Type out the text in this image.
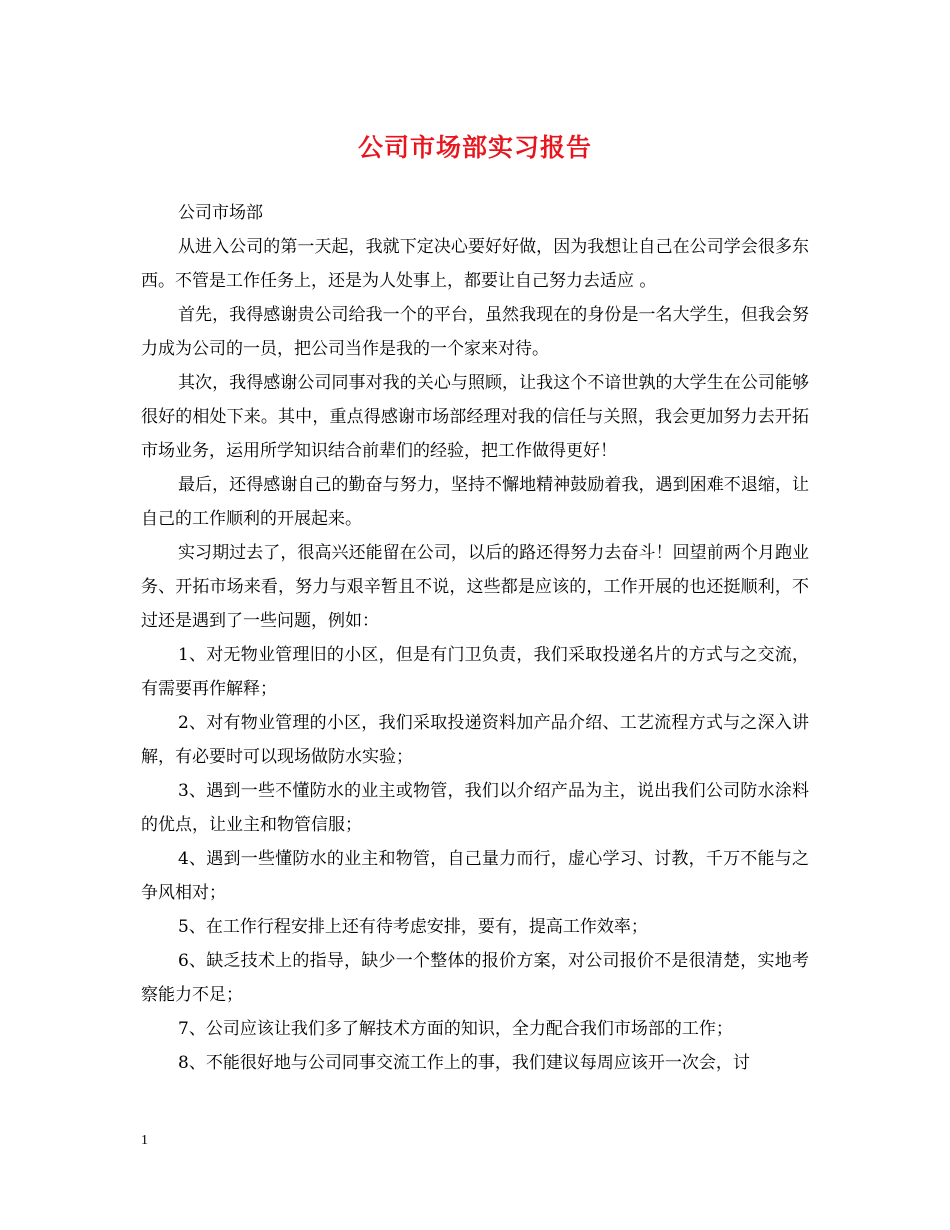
公司市场部实习报告

公司市场部

从进入公司的第一天起，我就下定决心要好好做，因为我想让自己在公司学会很多东西。不管是工作任务上，还是为人处事上，都要让自己努力去适应 。

首先，我得感谢贵公司给我一个的平台，虽然我现在的身份是一名大学生，但我会努力成为公司的一员，把公司当作是我的一个家来对待。

其次，我得感谢公司同事对我的关心与照顾，让我这个不谙世孰的大学生在公司能够很好的相处下来。其中，重点得感谢市场部经理对我的信任与关照，我会更加努力去开拓市场业务，运用所学知识结合前辈们的经验，把工作做得更好！

最后，还得感谢自己的勤奋与努力，坚持不懈地精神鼓励着我，遇到困难不退缩，让自己的工作顺利的开展起来。

实习期过去了，很高兴还能留在公司，以后的路还得努力去奋斗！回望前两个月跑业务、开拓市场来看，努力与艰辛暂且不说，这些都是应该的，工作开展的也还挺顺利，不过还是遇到了一些问题，例如：

1、对无物业管理旧的小区，但是有门卫负责，我们采取投递名片的方式与之交流，有需要再作解释；

2、对有物业管理的小区，我们采取投递资料加产品介绍、工艺流程方式与之深入讲解，有必要时可以现场做防水实验；

3、遇到一些不懂防水的业主或物管，我们以介绍产品为主，说出我们公司防水涂料的优点，让业主和物管信服；

4、遇到一些懂防水的业主和物管，自己量力而行，虚心学习、讨教，千万不能与之争风相对；

5、在工作行程安排上还有待考虑安排，要有，提高工作效率；

6、缺乏技术上的指导，缺少一个整体的报价方案，对公司报价不是很清楚，实地考察能力不足；

7、公司应该让我们多了解技术方面的知识，全力配合我们市场部的工作；

8、不能很好地与公司同事交流工作上的事，我们建议每周应该开一次会，讨

1
